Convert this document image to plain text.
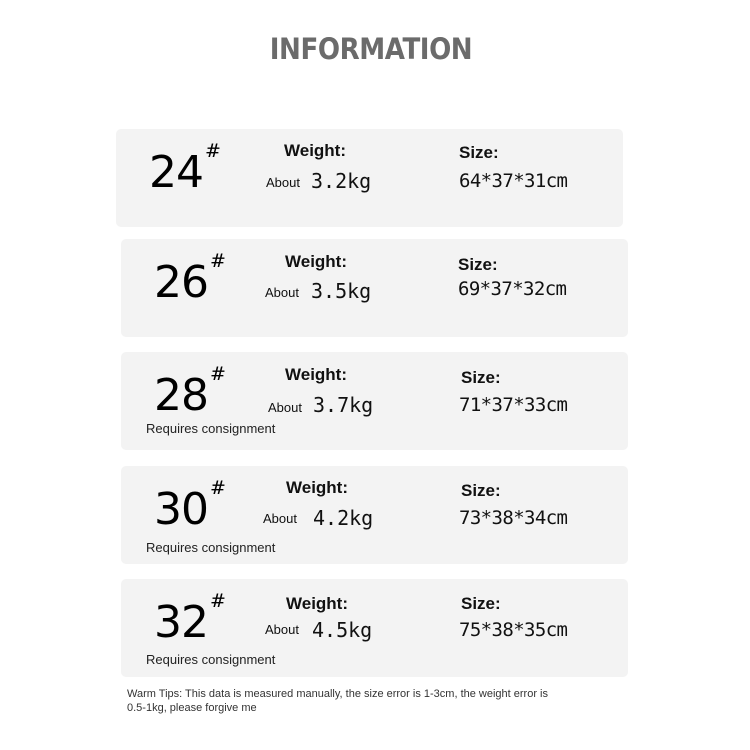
INFORMATION
24 #	Weight:
About 3.2kg
Size:
64*37*31cm
26 #	Weight:
About 3.5kg
Size:
69*37*32cm
28 #	Weight:
About 3.7kg
Size:
71*37*33cm
Requires consignment
30 #	Weight:
About 4.2kg
Size:
73*38*34cm
Requires consignment
32 #	Weight:
About 4.5kg
Size:
75*38*35cm
Requires consignment
Warm Tips: This data is measured manually, the size error is 1-3cm, the weight error is 0.5-1kg, please forgive me
